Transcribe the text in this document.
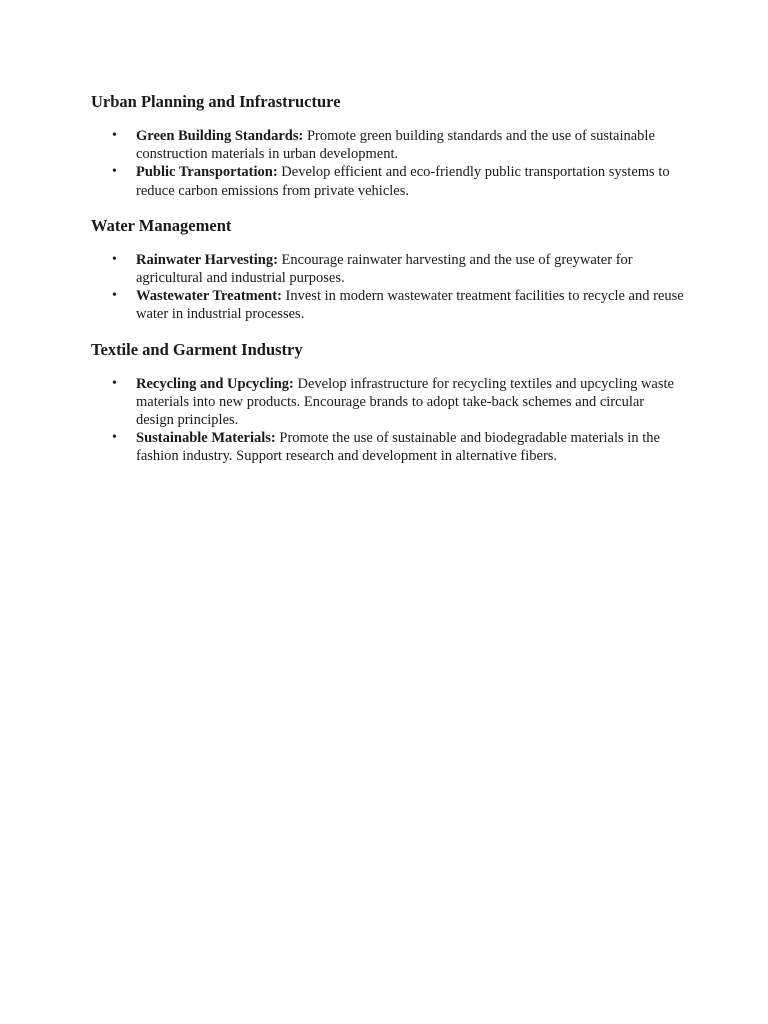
Urban Planning and Infrastructure
• Green Building Standards: Promote green building standards and the use of sustainable construction materials in urban development.
• Public Transportation: Develop efficient and eco-friendly public transportation systems to reduce carbon emissions from private vehicles.
Water Management
• Rainwater Harvesting: Encourage rainwater harvesting and the use of greywater for agricultural and industrial purposes.
• Wastewater Treatment: Invest in modern wastewater treatment facilities to recycle and reuse water in industrial processes.
Textile and Garment Industry
• Recycling and Upcycling: Develop infrastructure for recycling textiles and upcycling waste materials into new products. Encourage brands to adopt take-back schemes and circular design principles.
• Sustainable Materials: Promote the use of sustainable and biodegradable materials in the fashion industry. Support research and development in alternative fibers.
